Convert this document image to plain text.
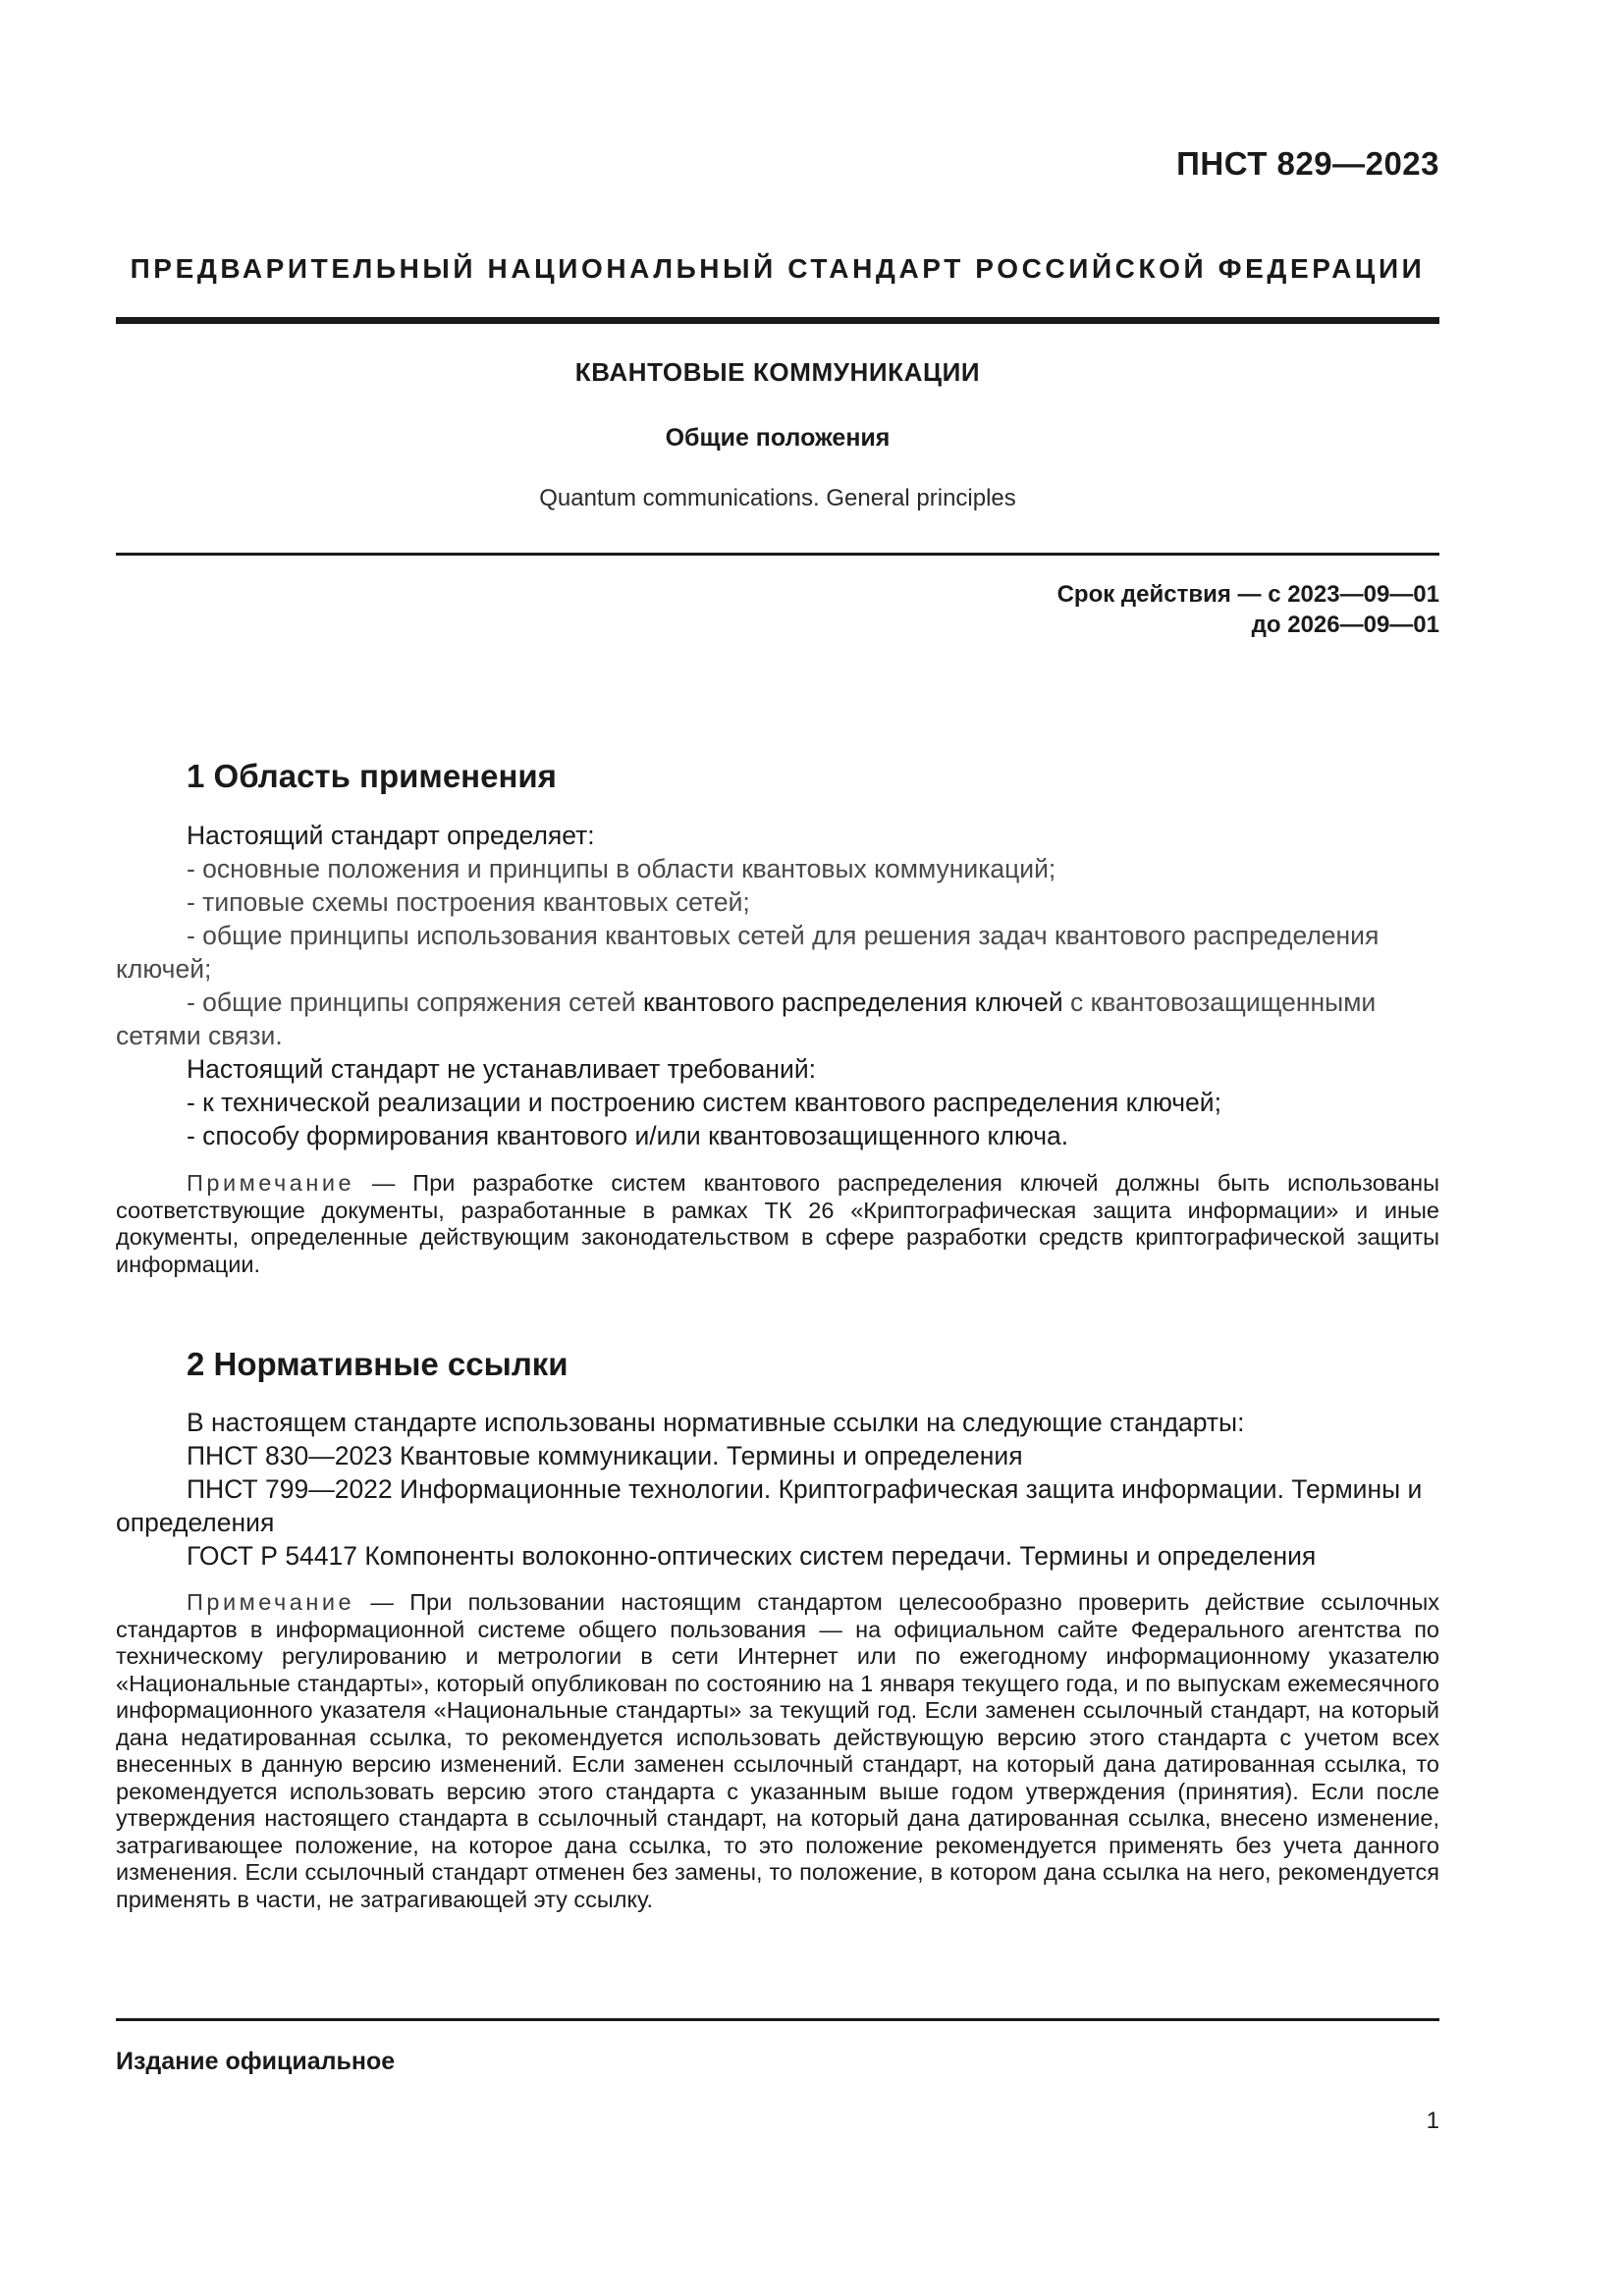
ПНСТ 829—2023
ПРЕДВАРИТЕЛЬНЫЙ НАЦИОНАЛЬНЫЙ СТАНДАРТ РОССИЙСКОЙ ФЕДЕРАЦИИ
КВАНТОВЫЕ КОММУНИКАЦИИ
Общие положения
Quantum communications. General principles
Срок действия — с 2023—09—01
до 2026—09—01
1 Область применения

Настоящий стандарт определяет:

- основные положения и принципы в области квантовых коммуникаций;

- типовые схемы построения квантовых сетей;

- общие принципы использования квантовых сетей для решения задач квантового распределения ключей;

- общие принципы сопряжения сетей квантового распределения ключей с квантовозащищенными сетями связи.

Настоящий стандарт не устанавливает требований:

- к технической реализации и построению систем квантового распределения ключей;

- способу формирования квантового и/или квантовозащищенного ключа.

Примечание — При разработке систем квантового распределения ключей должны быть использованы соответствующие документы, разработанные в рамках ТК 26 «Криптографическая защита информации» и иные документы, определенные действующим законодательством в сфере разработки средств криптографической защиты информации.

2 Нормативные ссылки

В настоящем стандарте использованы нормативные ссылки на следующие стандарты:

ПНСТ 830—2023 Квантовые коммуникации. Термины и определения

ПНСТ 799—2022 Информационные технологии. Криптографическая защита информации. Термины и определения

ГОСТ Р 54417 Компоненты волоконно-оптических систем передачи. Термины и определения

Примечание — При пользовании настоящим стандартом целесообразно проверить действие ссылочных стандартов в информационной системе общего пользования — на официальном сайте Федерального агентства по техническому регулированию и метрологии в сети Интернет или по ежегодному информационному указателю «Национальные стандарты», который опубликован по состоянию на 1 января текущего года, и по выпускам ежемесячного информационного указателя «Национальные стандарты» за текущий год. Если заменен ссылочный стандарт, на который дана недатированная ссылка, то рекомендуется использовать действующую версию этого стандарта с учетом всех внесенных в данную версию изменений. Если заменен ссылочный стандарт, на который дана датированная ссылка, то рекомендуется использовать версию этого стандарта с указанным выше годом утверждения (принятия). Если после утверждения настоящего стандарта в ссылочный стандарт, на который дана датированная ссылка, внесено изменение, затрагивающее положение, на которое дана ссылка, то это положение рекомендуется применять без учета данного изменения. Если ссылочный стандарт отменен без замены, то положение, в котором дана ссылка на него, рекомендуется применять в части, не затрагивающей эту ссылку.

Издание официальное
1
